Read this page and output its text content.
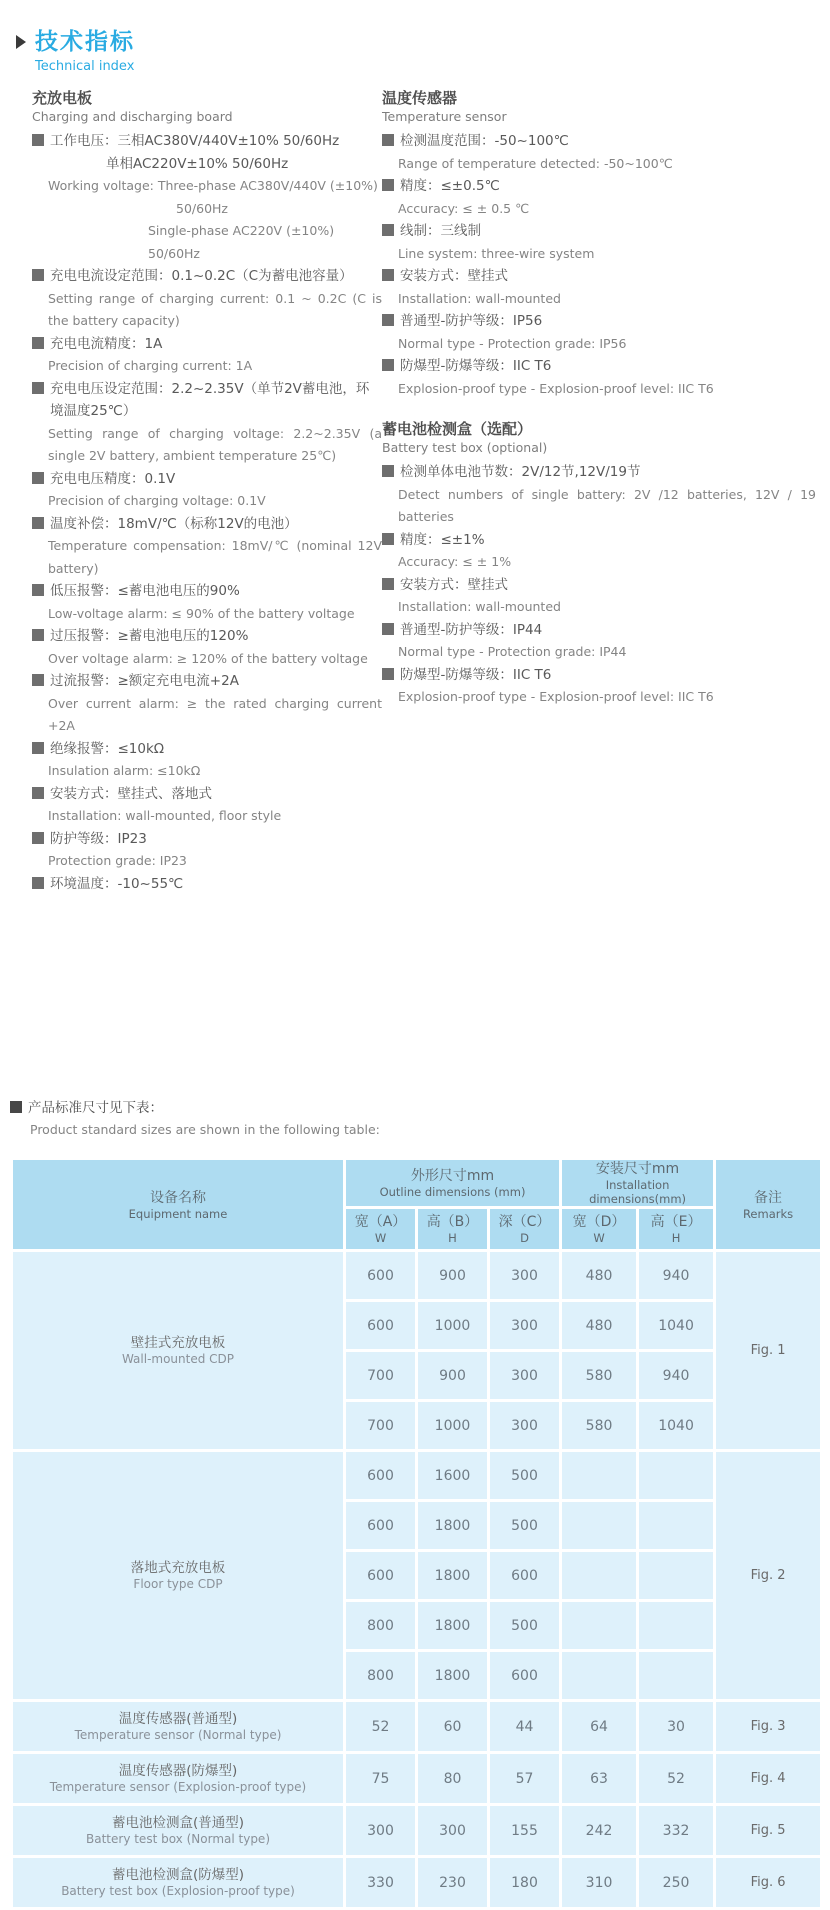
技术指标
Technical index
充放电板
Charging and discharging board
工作电压：三相AC380V/440V±10% 50/60Hz
单相AC220V±10% 50/60Hz
Working voltage: Three-phase AC380V/440V (±10%)
50/60Hz
Single-phase AC220V (±10%) 50/60Hz
充电电流设定范围：0.1~0.2C（C为蓄电池容量）
Setting range of charging current: 0.1 ~ 0.2C (C is the battery capacity)
充电电流精度：1A
Precision of charging current: 1A
充电电压设定范围：2.2~2.35V（单节2V蓄电池，环境温度25℃）
Setting range of charging voltage: 2.2~2.35V (a single 2V battery, ambient temperature 25℃)
充电电压精度：0.1V
Precision of charging voltage: 0.1V
温度补偿：18mV/℃（标称12V的电池）
Temperature compensation: 18mV/℃ (nominal 12V battery)
低压报警：≤蓄电池电压的90%
Low-voltage alarm: ≤ 90% of the battery voltage
过压报警：≥蓄电池电压的120%
Over voltage alarm: ≥ 120% of the battery voltage
过流报警：≥额定充电电流+2A
Over current alarm: ≥ the rated charging current +2A
绝缘报警：≤10kΩ
Insulation alarm: ≤10kΩ
安装方式：壁挂式、落地式
Installation: wall-mounted, floor style
防护等级：IP23
Protection grade: IP23
环境温度：-10~55℃
温度传感器
Temperature sensor
检测温度范围：-50~100℃
Range of temperature detected: -50~100℃
精度：≤±0.5℃
Accuracy: ≤ ± 0.5 ℃
线制：三线制
Line system: three-wire system
安装方式：壁挂式
Installation: wall-mounted
普通型-防护等级：IP56
Normal type - Protection grade: IP56
防爆型-防爆等级：IIC T6
Explosion-proof type - Explosion-proof level: IIC T6
蓄电池检测盒（选配）
Battery test box (optional)
检测单体电池节数：2V/12节,12V/19节
Detect numbers of single battery: 2V /12 batteries, 12V / 19 batteries
精度：≤±1%
Accuracy: ≤ ± 1%
安装方式：壁挂式
Installation: wall-mounted
普通型-防护等级：IP44
Normal type - Protection grade: IP44
防爆型-防爆等级：IIC T6
Explosion-proof type - Explosion-proof level: IIC T6
产品标准尺寸见下表：
Product standard sizes are shown in the following table:
设备名称
Equipment name

外形尺寸mm
Outline dimensions (mm)

安装尺寸mm
Installation dimensions(mm)	备注
Remarks

宽（A）
W

高（B）
H

深（C）
D

宽（D）
W

高（E）
H

壁挂式充放电板
Wall-mounted CDP	600	900	300	480	940	Fig. 1
	600	1000	300	480	1040	
	700	900	300	580	940	
	700	1000	300	580	1040	

落地式充放电板
Floor type CDP	600	1600	500			Fig. 2
	600	1800	500			
	600	1800	600			
	800	1800	500			
	800	1800	600			

温度传感器(普通型)
Temperature sensor (Normal type)	52	60	44	64	30	Fig. 3

温度传感器(防爆型)
Temperature sensor (Explosion-proof type)	75	80	57	63	52	Fig. 4

蓄电池检测盒(普通型)
Battery test box (Normal type)	300	300	155	242	332	Fig. 5

蓄电池检测盒(防爆型)
Battery test box (Explosion-proof type)	330	230	180	310	250	Fig. 6
